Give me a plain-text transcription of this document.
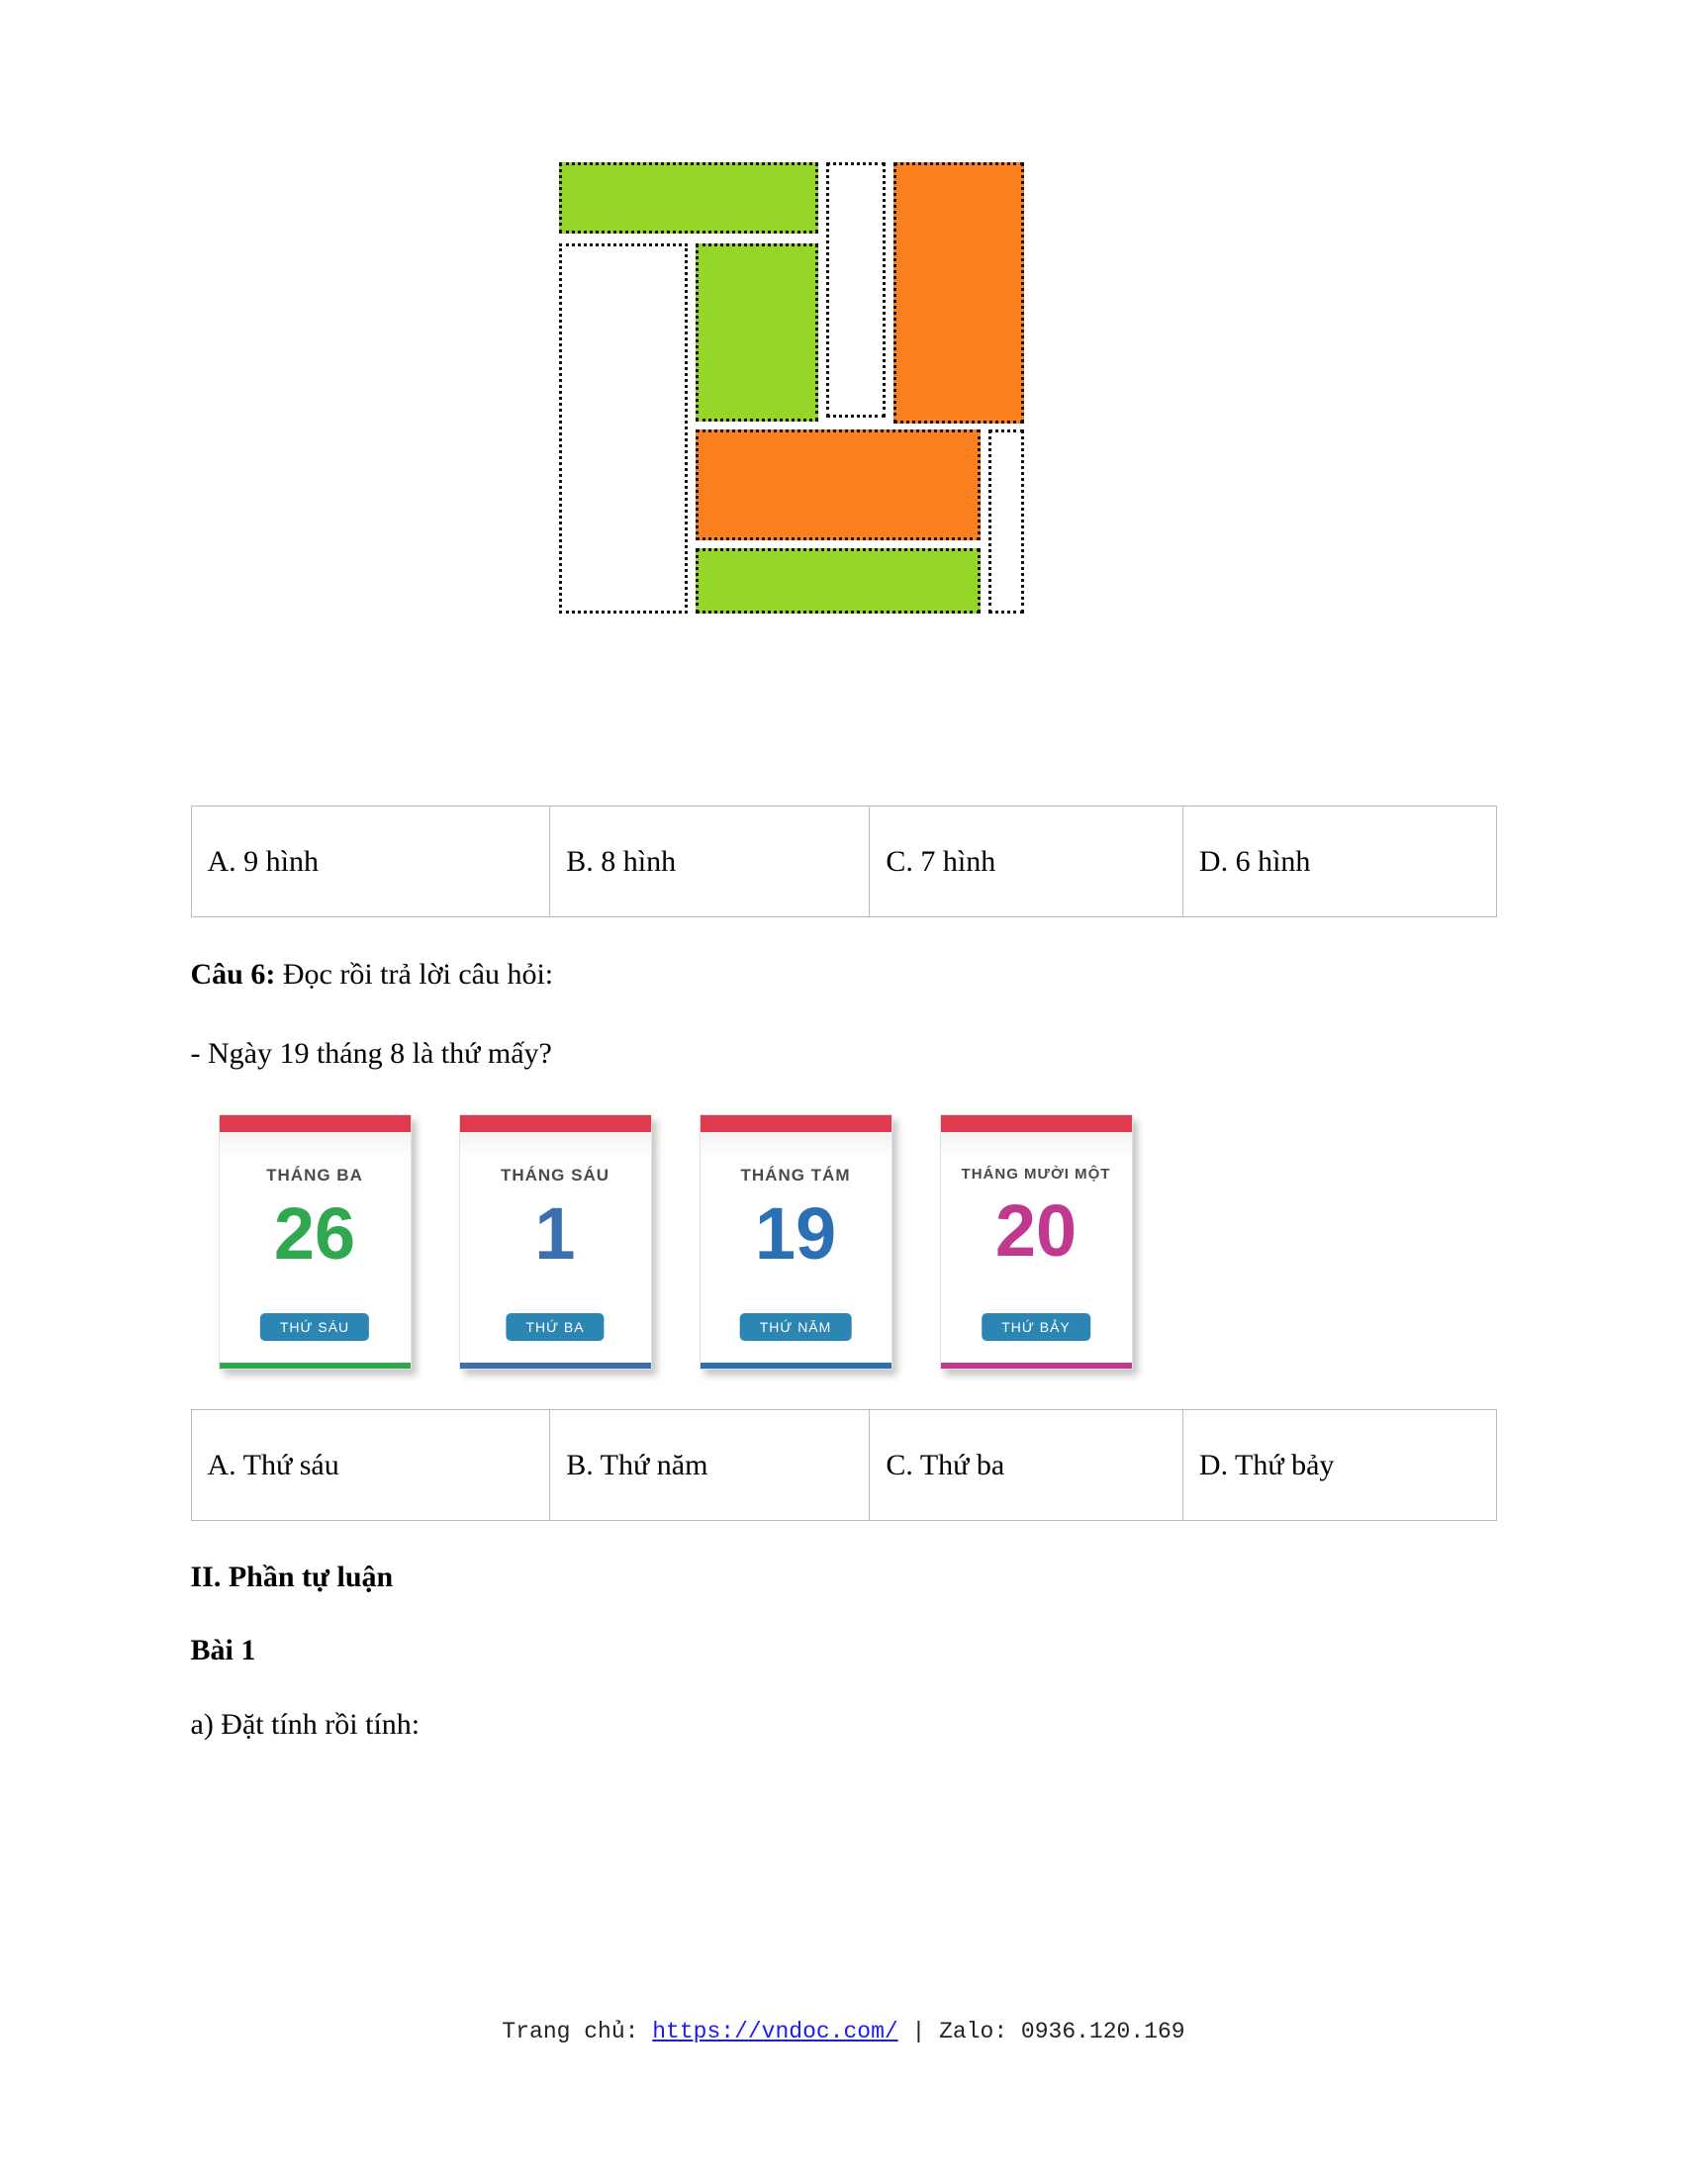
A. 9 hình	B. 8 hình	C. 7 hình	D. 6 hình

Câu 6: Đọc rồi trả lời câu hỏi:

- Ngày 19 tháng 8 là thứ mấy?

THÁNG BA
26
THỨ SÁU
THÁNG SÁU
1
THỨ BA
THÁNG TÁM
19
THỨ NĂM
THÁNG MƯỜI MỘT
20
THỨ BẢY
A. Thứ sáu	B. Thứ năm	C. Thứ ba	D. Thứ bảy

II. Phần tự luận

Bài 1

a) Đặt tính rồi tính:

Trang chủ: https://vndoc.com/ | Zalo: 0936.120.169
